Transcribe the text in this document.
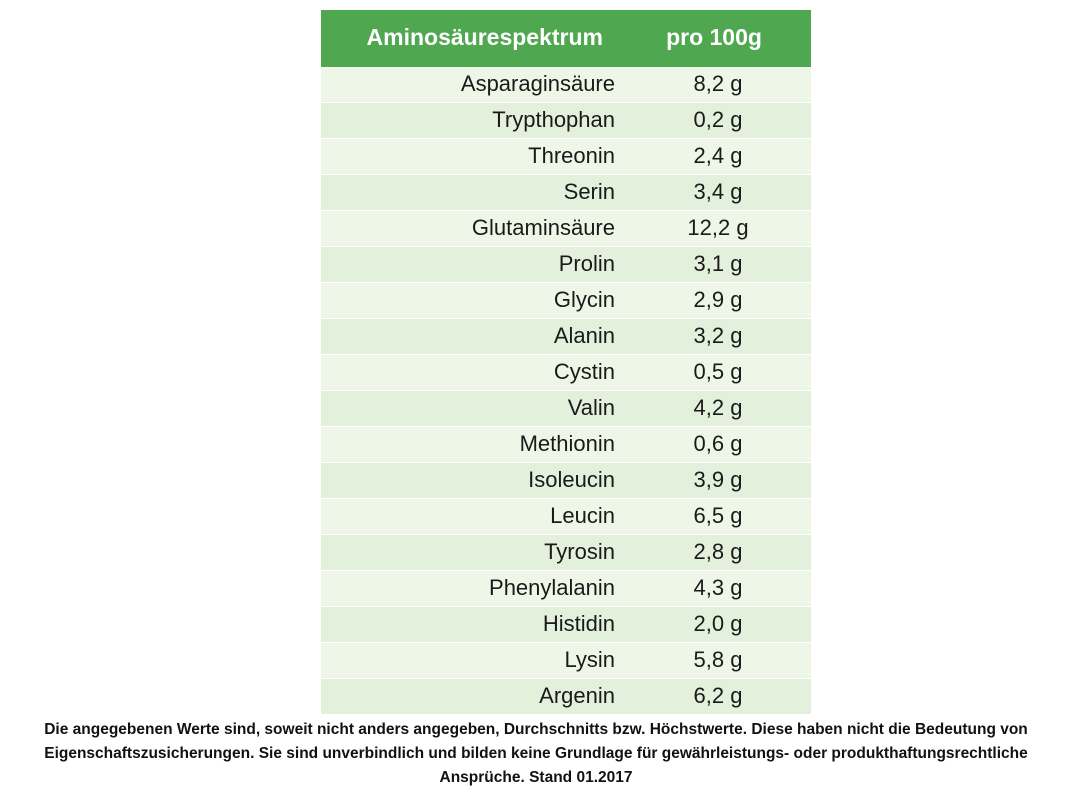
Aminosäurespektrum	pro 100g
Asparaginsäure	8,2 g
Trypthophan	0,2 g
Threonin	2,4 g
Serin	3,4 g
Glutaminsäure	12,2 g
Prolin	3,1 g
Glycin	2,9 g
Alanin	3,2 g
Cystin	0,5 g
Valin	4,2 g
Methionin	0,6 g
Isoleucin	3,9 g
Leucin	6,5 g
Tyrosin	2,8 g
Phenylalanin	4,3 g
Histidin	2,0 g
Lysin	5,8 g
Argenin	6,2 g
Die angegebenen Werte sind, soweit nicht anders angegeben, Durchschnitts bzw. Höchstwerte. Diese haben nicht die Bedeutung von Eigenschaftszusicherungen. Sie sind unverbindlich und bilden keine Grundlage für gewährleistungs- oder produkthaftungsrechtliche Ansprüche. Stand 01.2017
